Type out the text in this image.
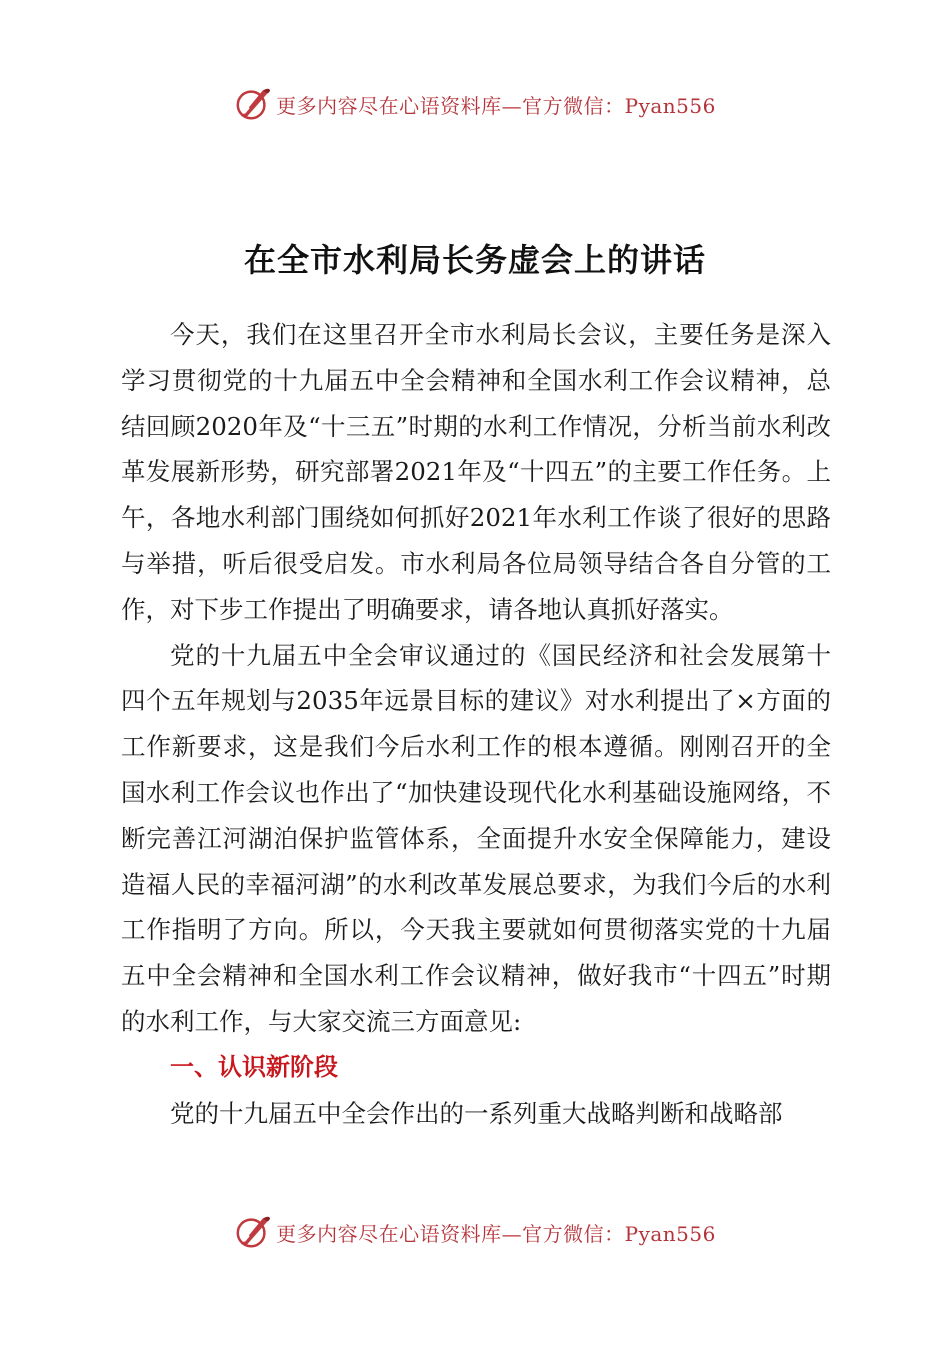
更多内容尽在心语资料库—官方微信：Pyan556
在全市水利局长务虚会上的讲话

今天，我们在这里召开全市水利局长会议，主要任务是深入学习贯彻党的十九届五中全会精神和全国水利工作会议精神，总结回顾2020年及“十三五”时期的水利工作情况，分析当前水利改革发展新形势，研究部署2021年及“十四五”的主要工作任务。上午，各地水利部门围绕如何抓好2021年水利工作谈了很好的思路与举措，听后很受启发。市水利局各位局领导结合各自分管的工作，对下步工作提出了明确要求，请各地认真抓好落实。

党的十九届五中全会审议通过的《国民经济和社会发展第十四个五年规划与2035年远景目标的建议》对水利提出了×方面的工作新要求，这是我们今后水利工作的根本遵循。刚刚召开的全国水利工作会议也作出了“加快建设现代化水利基础设施网络，不断完善江河湖泊保护监管体系，全面提升水安全保障能力，建设造福人民的幸福河湖”的水利改革发展总要求，为我们今后的水利工作指明了方向。所以，今天我主要就如何贯彻落实党的十九届五中全会精神和全国水利工作会议精神，做好我市“十四五”时期的水利工作，与大家交流三方面意见:

一、认识新阶段

党的十九届五中全会作出的一系列重大战略判断和战略部

更多内容尽在心语资料库—官方微信：Pyan556
